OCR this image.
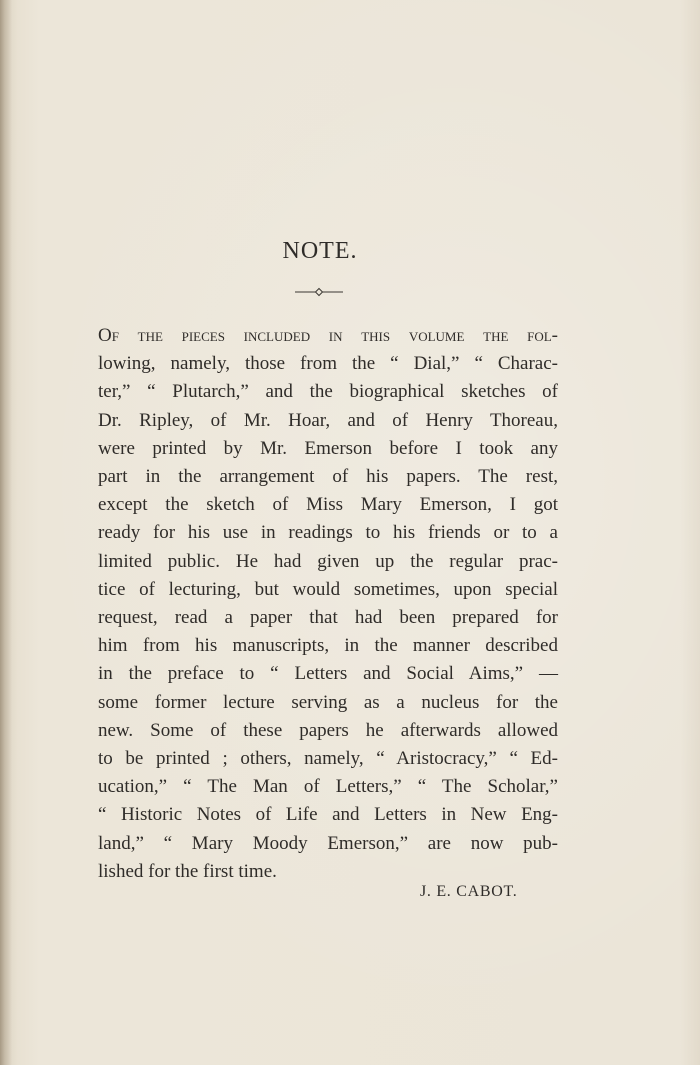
NOTE.
Of the pieces included in this volume the fol-
lowing, namely, those from the “ Dial,” “ Charac-
ter,” “ Plutarch,” and the biographical sketches of
Dr. Ripley, of Mr. Hoar, and of Henry Thoreau,
were printed by Mr. Emerson before I took any
part in the arrangement of his papers. The rest,
except the sketch of Miss Mary Emerson, I got
ready for his use in readings to his friends or to a
limited public. He had given up the regular prac-
tice of lecturing, but would sometimes, upon special
request, read a paper that had been prepared for
him from his manuscripts, in the manner described
in the preface to “ Letters and Social Aims,” —
some former lecture serving as a nucleus for the
new. Some of these papers he afterwards allowed
to be printed ; others, namely, “ Aristocracy,” “ Ed-
ucation,” “ The Man of Letters,” “ The Scholar,”
“ Historic Notes of Life and Letters in New Eng-
land,” “ Mary Moody Emerson,” are now pub-
lished for the first time.
J. E. CABOT.
